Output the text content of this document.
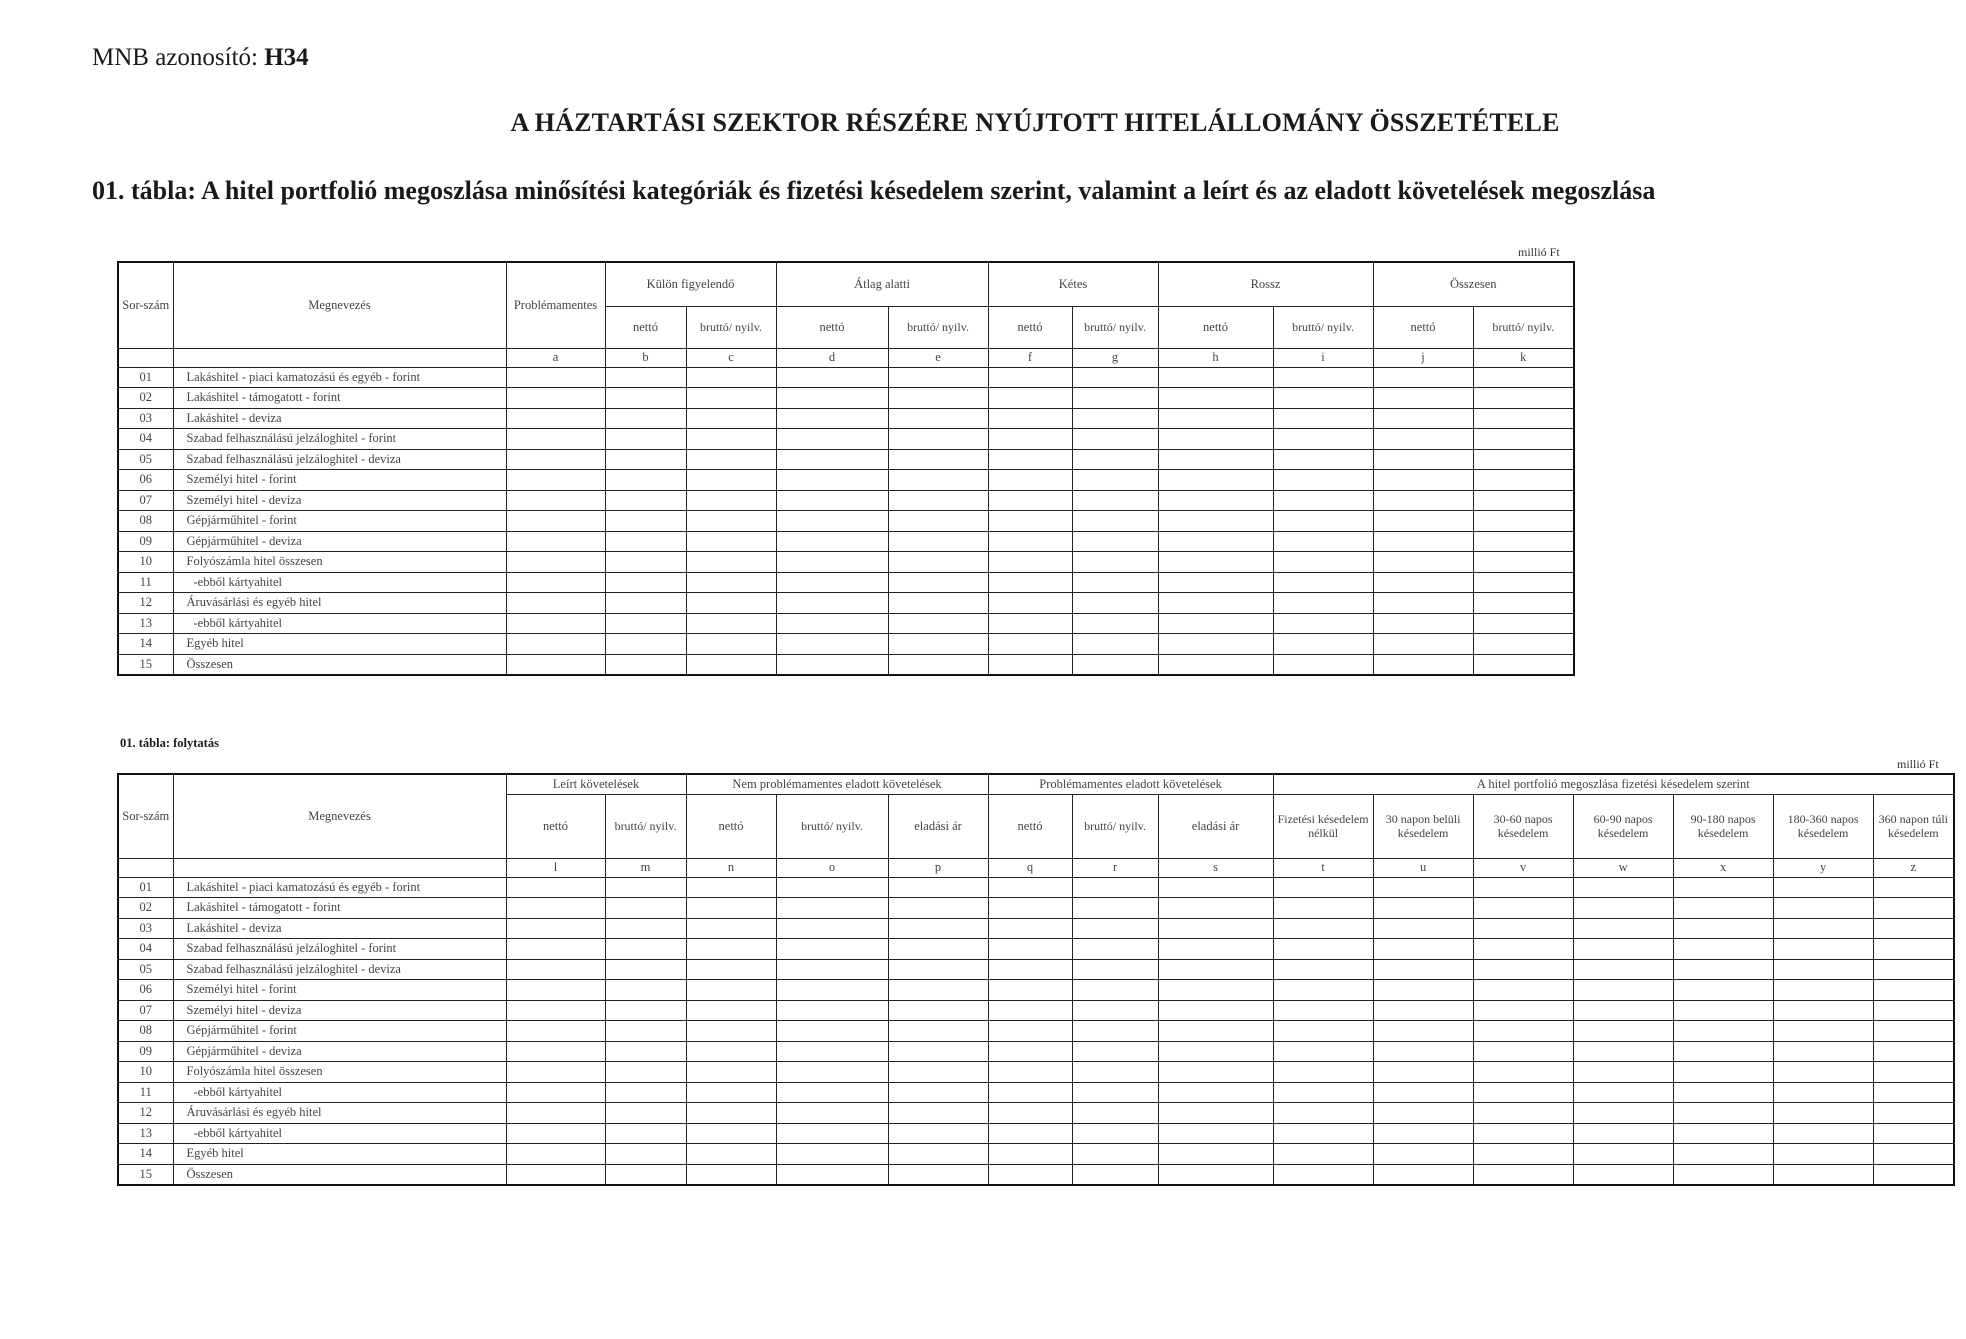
MNB azonosító: H34
A HÁZTARTÁSI SZEKTOR RÉSZÉRE NYÚJTOTT HITELÁLLOMÁNY ÖSSZETÉTELE
01. tábla: A hitel portfolió megoszlása minősítési kategóriák és fizetési késedelem szerint, valamint a leírt és az eladott követelések megoszlása
millió Ft
Sor-szám	Megnevezés	Problémamentes	Külön figyelendő		Átlag alatti		Kétes		Rossz		Összesen	
			nettó	bruttó/ nyilv.	nettó	bruttó/ nyilv.	nettó	bruttó/ nyilv.	nettó	bruttó/ nyilv.	nettó	bruttó/ nyilv.
		a	b	c	d	e	f	g	h	i	j	k
01	Lakáshitel - piaci kamatozású és egyéb - forint											
02	Lakáshitel - támogatott - forint											
03	Lakáshitel - deviza											
04	Szabad felhasználású jelzáloghitel - forint											
05	Szabad felhasználású jelzáloghitel - deviza											
06	Személyi hitel - forint											
07	Személyi hitel - deviza											
08	Gépjárműhitel - forint											
09	Gépjárműhitel - deviza											
10	Folyószámla hitel összesen											
11	-ebből kártyahitel											
12	Áruvásárlási és egyéb hitel											
13	-ebből kártyahitel											
14	Egyéb hitel											
15	Összesen											
01. tábla: folytatás
millió Ft
Sor-szám	Megnevezés	Leírt követelések		Nem problémamentes eladott követelések			Problémamentes eladott követelések			A hitel portfolió megoszlása fizetési késedelem szerint						
		nettó	bruttó/ nyilv.	nettó	bruttó/ nyilv.	eladási ár	nettó	bruttó/ nyilv.	eladási ár	Fizetési késedelem nélkül	30 napon belüli késedelem	30-60 napos késedelem	60-90 napos késedelem	90-180 napos késedelem	180-360 napos késedelem	360 napon túli késedelem
		l	m	n	o	p	q	r	s	t	u	v	w	x	y	z
01	Lakáshitel - piaci kamatozású és egyéb - forint															
02	Lakáshitel - támogatott - forint															
03	Lakáshitel - deviza															
04	Szabad felhasználású jelzáloghitel - forint															
05	Szabad felhasználású jelzáloghitel - deviza															
06	Személyi hitel - forint															
07	Személyi hitel - deviza															
08	Gépjárműhitel - forint															
09	Gépjárműhitel - deviza															
10	Folyószámla hitel összesen															
11	-ebből kártyahitel															
12	Áruvásárlási és egyéb hitel															
13	-ebből kártyahitel															
14	Egyéb hitel															
15	Összesen															
